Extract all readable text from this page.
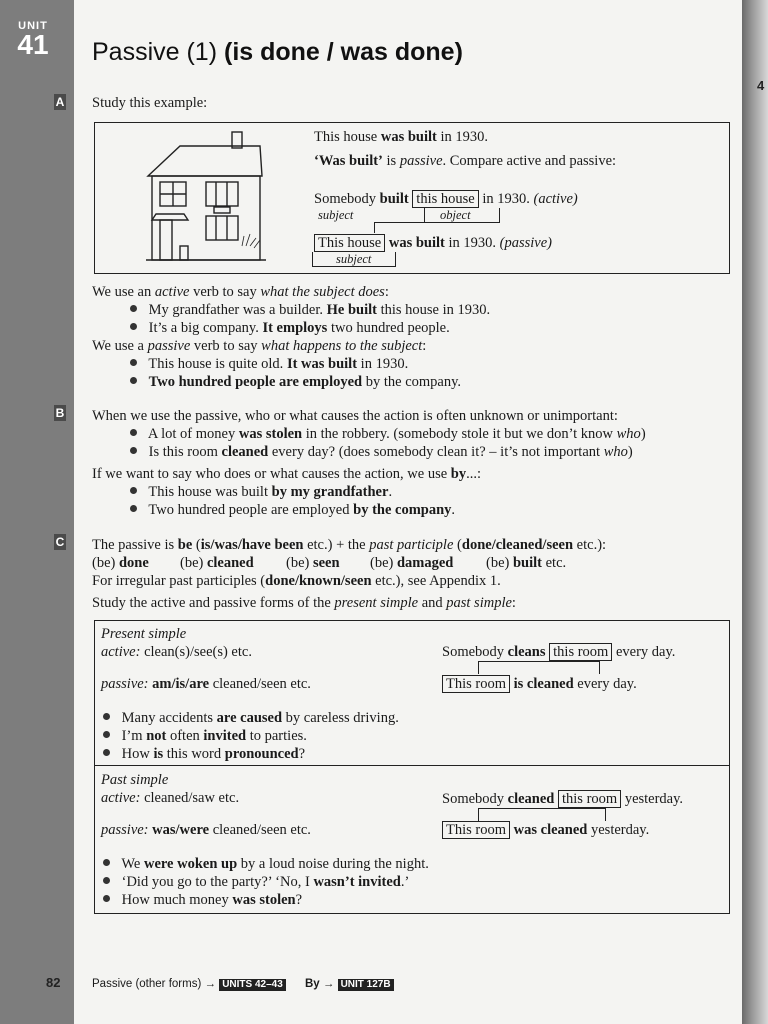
4
UNIT
41	Passive (1) (is done / was done)
A
B
C
Study this example:
This house was built in 1930.
‘Was built’ is passive. Compare active and passive:
Somebody built this house in 1930. (active)
subject	object
This house was built in 1930. (passive)
subject
We use an active verb to say what the subject does:
My grandfather was a builder. He built this house in 1930.
It’s a big company. It employs two hundred people.
We use a passive verb to say what happens to the subject:
This house is quite old. It was built in 1930.
Two hundred people are employed by the company.
When we use the passive, who or what causes the action is often unknown or unimportant:
A lot of money was stolen in the robbery. (somebody stole it but we don’t know who)
Is this room cleaned every day? (does somebody clean it? – it’s not important who)
If we want to say who does or what causes the action, we use by...:
This house was built by my grandfather.
Two hundred people are employed by the company.
The passive is be (is/was/have been etc.) + the past participle (done/cleaned/seen etc.):
(be) done (be) cleaned (be) seen (be) damaged (be) built etc.
For irregular past participles (done/known/seen etc.), see Appendix 1.
Study the active and passive forms of the present simple and past simple:
Present simple
active: clean(s)/see(s) etc.	Somebody cleans this room every day.
passive: am/is/are cleaned/seen etc.	This room is cleaned every day.
Many accidents are caused by careless driving.
I’m not often invited to parties.
How is this word pronounced?
Past simple
active: cleaned/saw etc.	Somebody cleaned this room yesterday.
passive: was/were cleaned/seen etc.	This room was cleaned yesterday.
We were woken up by a loud noise during the night.
‘Did you go to the party?’ ‘No, I wasn’t invited.’
How much money was stolen?
82	Passive (other forms) → UNITS 42–43 By → UNIT 127B
